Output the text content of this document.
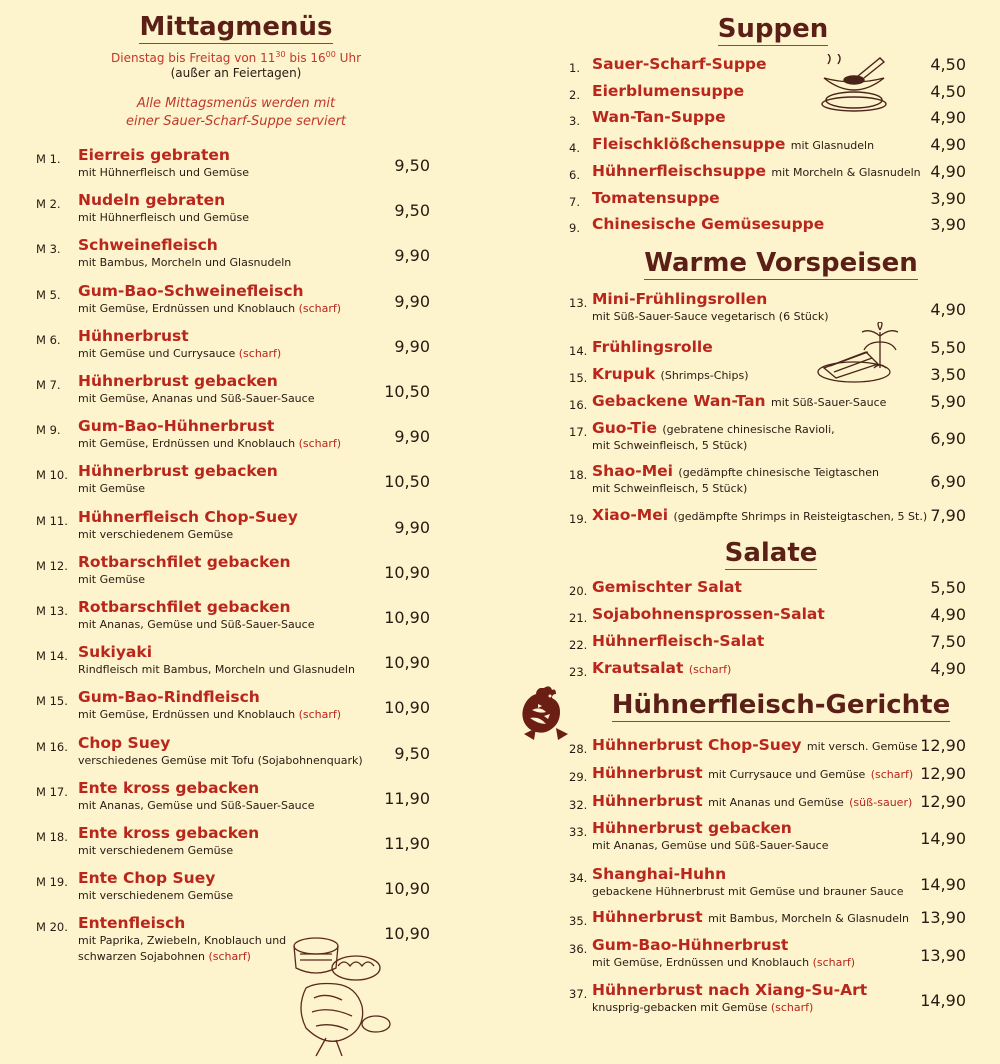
Mittagmenüs
Dienstag bis Freitag von $11^{30}$ bis $16^{00}$ Uhr
(außer an Feiertagen)
Alle Mittagsmenüs werden mit
einer Sauer-Scharf-Suppe serviert
M 1. Eierreis gebraten
mit Hühnerfleisch und Gemüse	9,50
M 2. Nudeln gebraten
mit Hühnerfleisch und Gemüse	9,50
M 3. Schweinefleisch
mit Bambus, Morcheln und Glasnudeln	9,90
M 5. Gum-Bao-Schweinefleisch
mit Gemüse, Erdnüssen und Knoblauch (scharf)	9,90
M 6. Hühnerbrust
mit Gemüse und Currysauce (scharf)	9,90
M 7. Hühnerbrust gebacken
mit Gemüse, Ananas und Süß-Sauer-Sauce	10,50
M 9. Gum-Bao-Hühnerbrust
mit Gemüse, Erdnüssen und Knoblauch (scharf)	9,90
M 10. Hühnerbrust gebacken
mit Gemüse	10,50
M 11. Hühnerfleisch Chop-Suey
mit verschiedenem Gemüse	9,90
M 12. Rotbarschfilet gebacken
mit Gemüse	10,90
M 13. Rotbarschfilet gebacken
mit Ananas, Gemüse und Süß-Sauer-Sauce	10,90
M 14. Sukiyaki
Rindfleisch mit Bambus, Morcheln und Glasnudeln 10,90
M 15. Gum-Bao-Rindfleisch
mit Gemüse, Erdnüssen und Knoblauch (scharf)	10,90
M 16. Chop Suey
verschiedenes Gemüse mit Tofu (Sojabohnenquark) 9,50
M 17. Ente kross gebacken
mit Ananas, Gemüse und Süß-Sauer-Sauce	11,90
M 18. Ente kross gebacken
mit verschiedenem Gemüse	11,90
M 19. Ente Chop Suey
mit verschiedenem Gemüse	10,90
M 20. Entenfleisch
mit Paprika, Zwiebeln, Knoblauch und
schwarzen Sojabohnen (scharf)
10,90
Suppen
1. Sauer-Scharf-Suppe	4,50
2. Eierblumensuppe	4,50
3. Wan-Tan-Suppe	4,90
4. Fleischklößchensuppe mit Glasnudeln	4,90
6. Hühnerfleischsuppe mit Morcheln & Glasnudeln 4,90
7. Tomatensuppe	3,90
9. Chinesische Gemüsesuppe	3,90
Warme Vorspeisen
13. Mini-Frühlingsrollen
mit Süß-Sauer-Sauce vegetarisch (6 Stück)	4,90
14. Frühlingsrolle	5,50
15. Krupuk (Shrimps-Chips)	3,50
16. Gebackene Wan-Tan mit Süß-Sauer-Sauce	5,90
17. Guo-Tie (gebratene chinesische Ravioli,
mit Schweinfleisch, 5 Stück)	6,90
18. Shao-Mei (gedämpfte chinesische Teigtaschen
mit Schweinfleisch, 5 Stück)	6,90
19. Xiao-Mei (gedämpfte Shrimps in Reisteigtaschen, 5 St.) 7,90
Salate
20. Gemischter Salat	5,50
21. Sojabohnensprossen-Salat	4,90
22. Hühnerfleisch-Salat	7,50
23. Krautsalat (scharf)	4,90
Hühnerfleisch-Gerichte
28. Hühnerbrust Chop-Suey mit versch. Gemüse 12,90
29. Hühnerbrust mit Currysauce und Gemüse (scharf) 12,90
32. Hühnerbrust mit Ananas und Gemüse (süß-sauer) 12,90
33. Hühnerbrust gebacken
mit Ananas, Gemüse und Süß-Sauer-Sauce	14,90
34. Shanghai-Huhn
gebackene Hühnerbrust mit Gemüse und brauner Sauce 14,90
35. Hühnerbrust mit Bambus, Morcheln & Glasnudeln 13,90
36. Gum-Bao-Hühnerbrust
mit Gemüse, Erdnüssen und Knoblauch (scharf)	13,90
37. Hühnerbrust nach Xiang-Su-Art
knusprig-gebacken mit Gemüse (scharf)	14,90
